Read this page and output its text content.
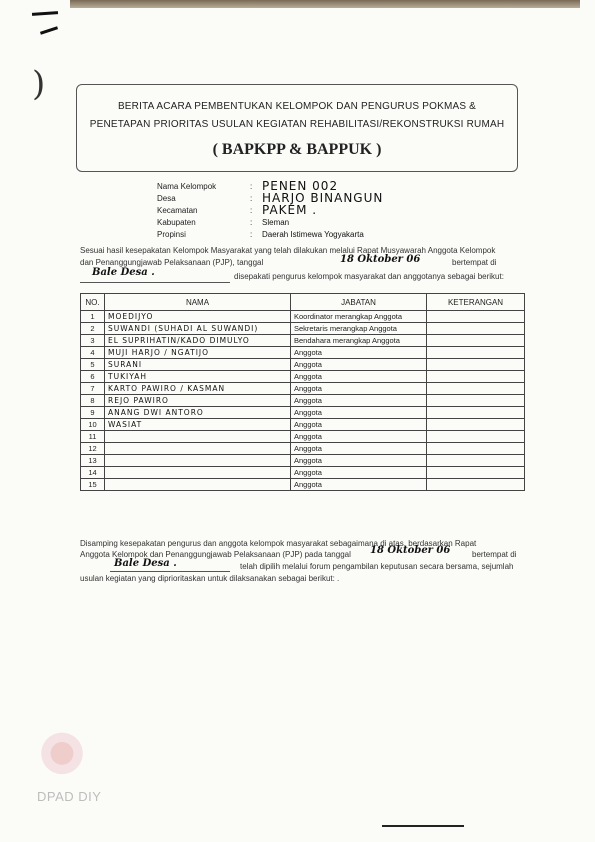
)
BERITA ACARA PEMBENTUKAN KELOMPOK DAN PENGURUS POKMAS &
PENETAPAN PRIORITAS USULAN KEGIATAN REHABILITASI/REKONSTRUKSI RUMAH
( BAPKPP & BAPPUK )
Nama Kelompok	: PENEN 002
Desa	: HARJO BINANGUN
Kecamatan	: PAKEM .
Kabupaten	: Sleman
Propinsi	: Daerah Istimewa Yogyakarta
Sesuai hasil kesepakatan Kelompok Masyarakat yang telah dilakukan melalui Rapat Musyawarah Anggota Kelompok
dan Penanggungjawab Pelaksanaan (PJP), tanggal	18 Oktober 06	bertempat di
Bale Desa .	disepakati pengurus kelompok masyarakat dan anggotanya sebagai berikut:
NO.	NAMA	JABATAN	KETERANGAN
1	MOEDIJYO	Koordinator merangkap Anggota	
2	SUWANDI (SUHADI AL SUWANDI)	Sekretaris merangkap Anggota	
3	EL SUPRIHATIN/KADO DIMULYO	Bendahara merangkap Anggota	
4	MUJI HARJO / NGATIJO	Anggota	
5	SURANI	Anggota	
6	TUKIYAH	Anggota	
7	KARTO PAWIRO / KASMAN	Anggota	
8	REJO PAWIRO	Anggota	
9	ANANG DWI ANTORO	Anggota	
10	WASIAT	Anggota	
11		Anggota	
12		Anggota	
13		Anggota	
14		Anggota	
15		Anggota	
Disamping kesepakatan pengurus dan anggota kelompok masyarakat sebagaimana di atas, berdasarkan Rapat
Anggota Kelompok dan Penanggungjawab Pelaksanaan (PJP) pada tanggal 18 Oktober 06	bertempat di
Bale Desa .	telah dipilih melalui forum pengambilan keputusan secara bersama, sejumlah
usulan kegiatan yang diprioritaskan untuk dilaksanakan sebagai berikut: .
DPAD DIY
